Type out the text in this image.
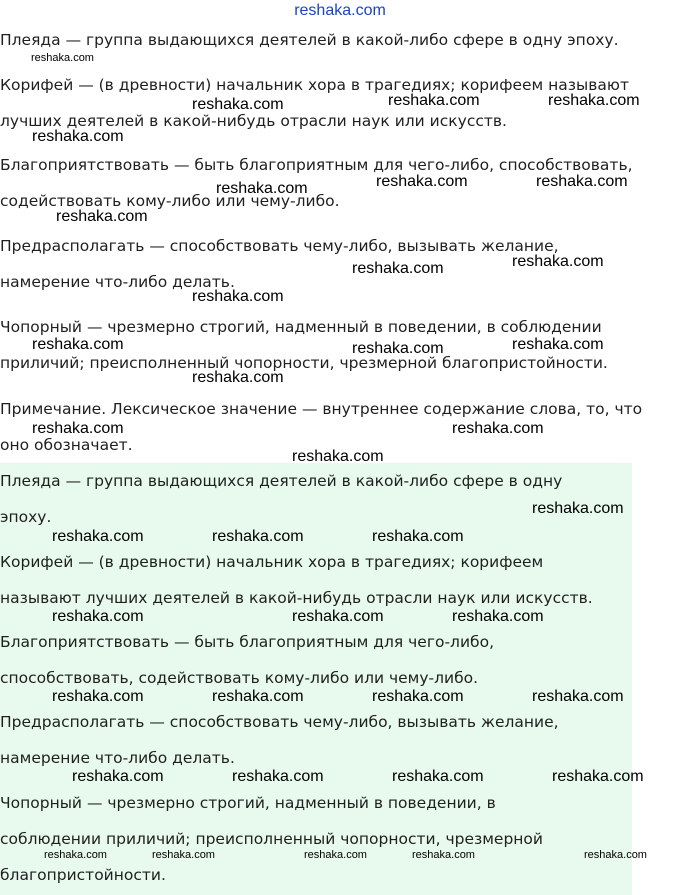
reshaka.com
Плеяда — группа выдающихся деятелей в какой-либо сфере в одну эпоху.
Корифей — (в древности) начальник хора в трагедиях; корифеем называют
лучших деятелей в какой-нибудь отрасли наук или искусств.
Благоприятствовать — быть благоприятным для чего-либо, способствовать,
содействовать кому-либо или чему-либо.
Предрасполагать — способствовать чему-либо, вызывать желание,
намерение что-либо делать.
Чопорный — чрезмерно строгий, надменный в поведении, в соблюдении
приличий; преисполненный чопорности, чрезмерной благопристойности.
Примечание. Лексическое значение — внутреннее содержание слова, то, что
оно обозначает.
Плеяда — группа выдающихся деятелей в какой-либо сфере в одну
эпоху.
Корифей — (в древности) начальник хора в трагедиях; корифеем
называют лучших деятелей в какой-нибудь отрасли наук или искусств.
Благоприятствовать — быть благоприятным для чего-либо,
способствовать, содействовать кому-либо или чему-либо.
Предрасполагать — способствовать чему-либо, вызывать желание,
намерение что-либо делать.
Чопорный — чрезмерно строгий, надменный в поведении, в
соблюдении приличий; преисполненный чопорности, чрезмерной
благопристойности.
reshaka.com
reshaka.com	reshaka.com	reshaka.com
reshaka.com
reshaka.com	reshaka.com	reshaka.com
reshaka.com
reshaka.com
reshaka.com
reshaka.com
reshaka.com	reshaka.com	reshaka.com
reshaka.com
reshaka.com	reshaka.com
reshaka.com
reshaka.com
reshaka.com	reshaka.com	reshaka.com
reshaka.com	reshaka.com	reshaka.com
reshaka.com	reshaka.com	reshaka.com	reshaka.com
reshaka.com	reshaka.com	reshaka.com	reshaka.com
reshaka.com	reshaka.com	reshaka.com	reshaka.com	reshaka.com
